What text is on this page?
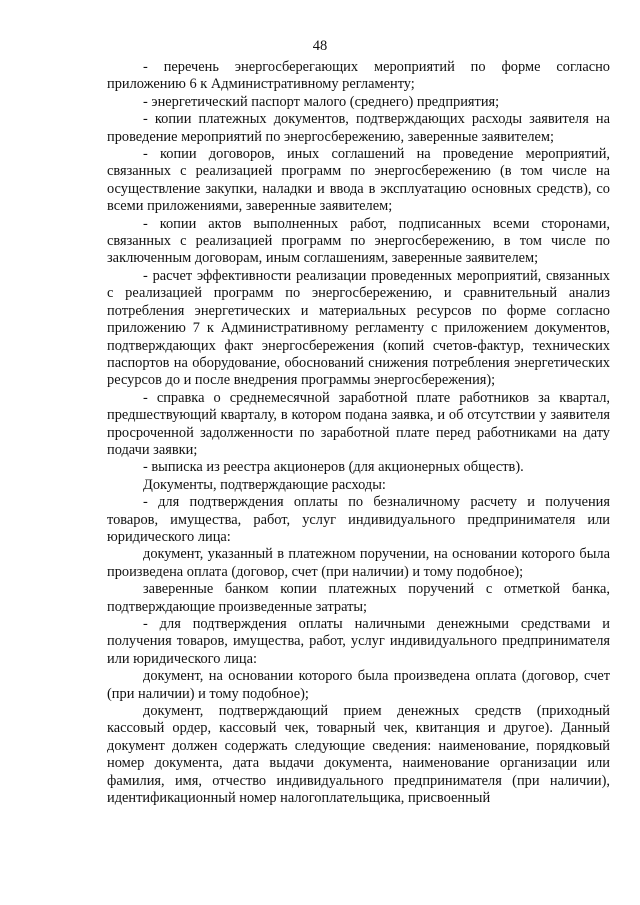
48

- перечень энергосберегающих мероприятий по форме согласно приложению 6 к Административному регламенту;

- энергетический паспорт малого (среднего) предприятия;

- копии платежных документов, подтверждающих расходы заявителя на проведение мероприятий по энергосбережению, заверенные заявителем;

- копии договоров, иных соглашений на проведение мероприятий, связанных с реализацией программ по энергосбережению (в том числе на осуществление закупки, наладки и ввода в эксплуатацию основных средств), со всеми приложениями, заверенные заявителем;

- копии актов выполненных работ, подписанных всеми сторонами, связанных с реализацией программ по энергосбережению, в том числе по заключенным договорам, иным соглашениям, заверенные заявителем;

- расчет эффективности реализации проведенных мероприятий, связанных с реализацией программ по энергосбережению, и сравнительный анализ потребления энергетических и материальных ресурсов по форме согласно приложению 7 к Административному регламенту с приложением документов, подтверждающих факт энергосбережения (копий счетов-фактур, технических паспортов на оборудование, обоснований снижения потребления энергетических ресурсов до и после внедрения программы энергосбережения);

- справка о среднемесячной заработной плате работников за квартал, предшествующий кварталу, в котором подана заявка, и об отсутствии у заявителя просроченной задолженности по заработной плате перед работниками на дату подачи заявки;

- выписка из реестра акционеров (для акционерных обществ).

Документы, подтверждающие расходы:

- для подтверждения оплаты по безналичному расчету и получения товаров, имущества, работ, услуг индивидуального предпринимателя или юридического лица:

документ, указанный в платежном поручении, на основании которого была произведена оплата (договор, счет (при наличии) и тому подобное);

заверенные банком копии платежных поручений с отметкой банка, подтверждающие произведенные затраты;

- для подтверждения оплаты наличными денежными средствами и получения товаров, имущества, работ, услуг индивидуального предпринимателя или юридического лица:

документ, на основании которого была произведена оплата (договор, счет (при наличии) и тому подобное);

документ, подтверждающий прием денежных средств (приходный кассовый ордер, кассовый чек, товарный чек, квитанция и другое). Данный документ должен содержать следующие сведения: наименование, порядковый номер документа, дата выдачи документа, наименование организации или фамилия, имя, отчество индивидуального предпринимателя (при наличии), идентификационный номер налогоплательщика, присвоенный
